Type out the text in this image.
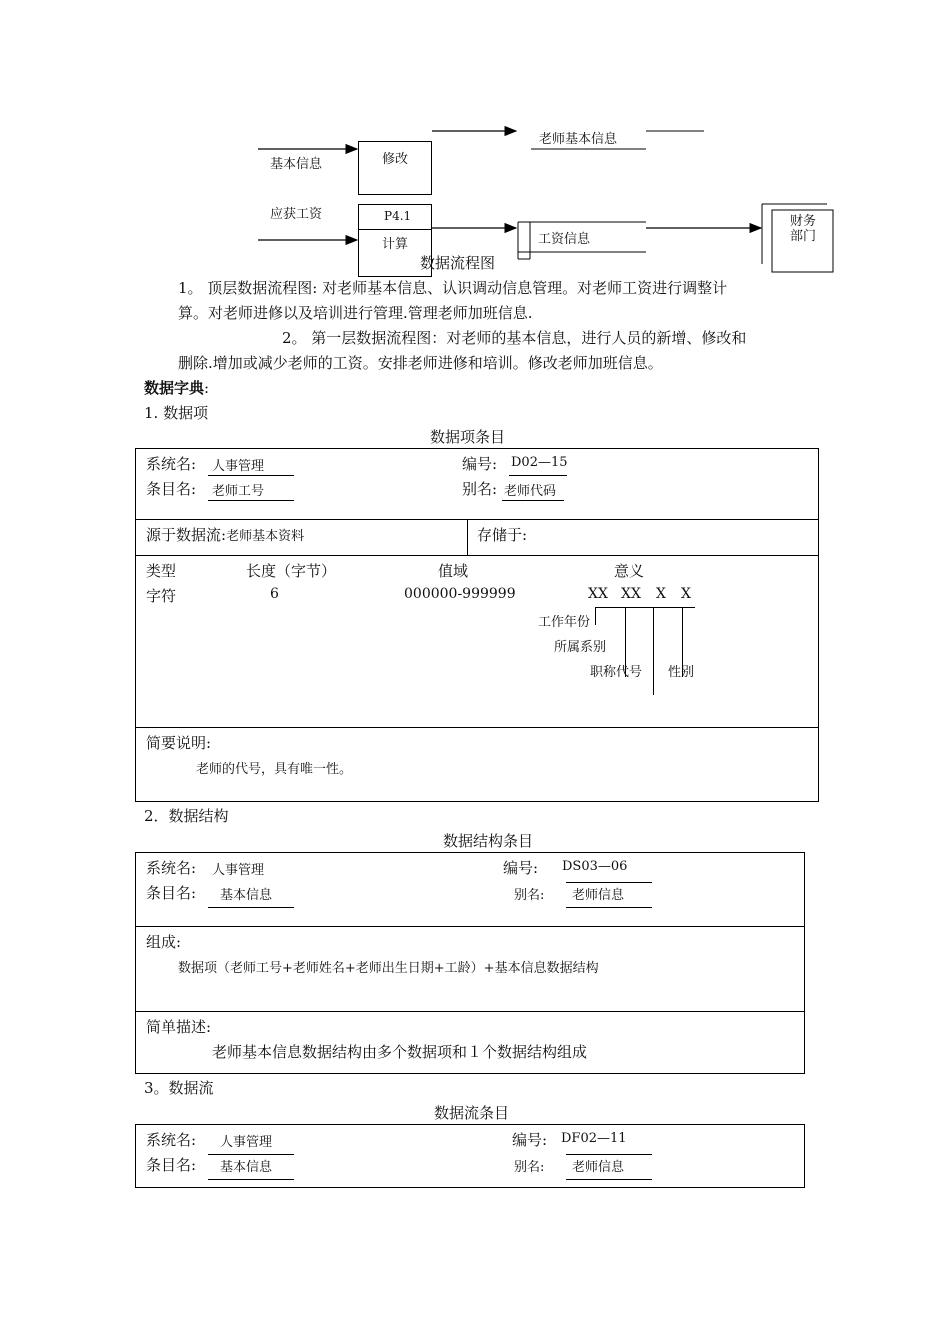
基本信息
应获工资
修改
P4.1
计算
老师基本信息
工资信息
财务
部门
数据流程图
1。 顶层数据流程图: 对老师基本信息、认识调动信息管理。对老师工资进行调整计
算。对老师进修以及培训进行管理.管理老师加班信息.
2。 第一层数据流程图：对老师的基本信息，进行人员的新增、修改和
删除.增加或减少老师的工资。安排老师进修和培训。修改老师加班信息。
数据字典:
1. 数据项
数据项条目
系统名: 人事管理	编号: D02—15
条目名: 老师工号	别名: 老师代码
源于数据流:老师基本资料	存储于:
类型	长度（字节）	值域	意义
字符	6	000000-999999	XX XX X X
工作年份
所属系别
职称代号 性别
简要说明:
老师的代号，具有唯一性。
2．数据结构
数据结构条目
系统名: 人事管理	编号: DS03—06
条目名: 基本信息	别名: 老师信息
组成:
数据项（老师工号+老师姓名+老师出生日期+工龄）+基本信息数据结构
简单描述:
老师基本信息数据结构由多个数据项和１个数据结构组成
3。数据流
数据流条目
系统名: 人事管理	编号: DF02—11
条目名: 基本信息	别名: 老师信息
